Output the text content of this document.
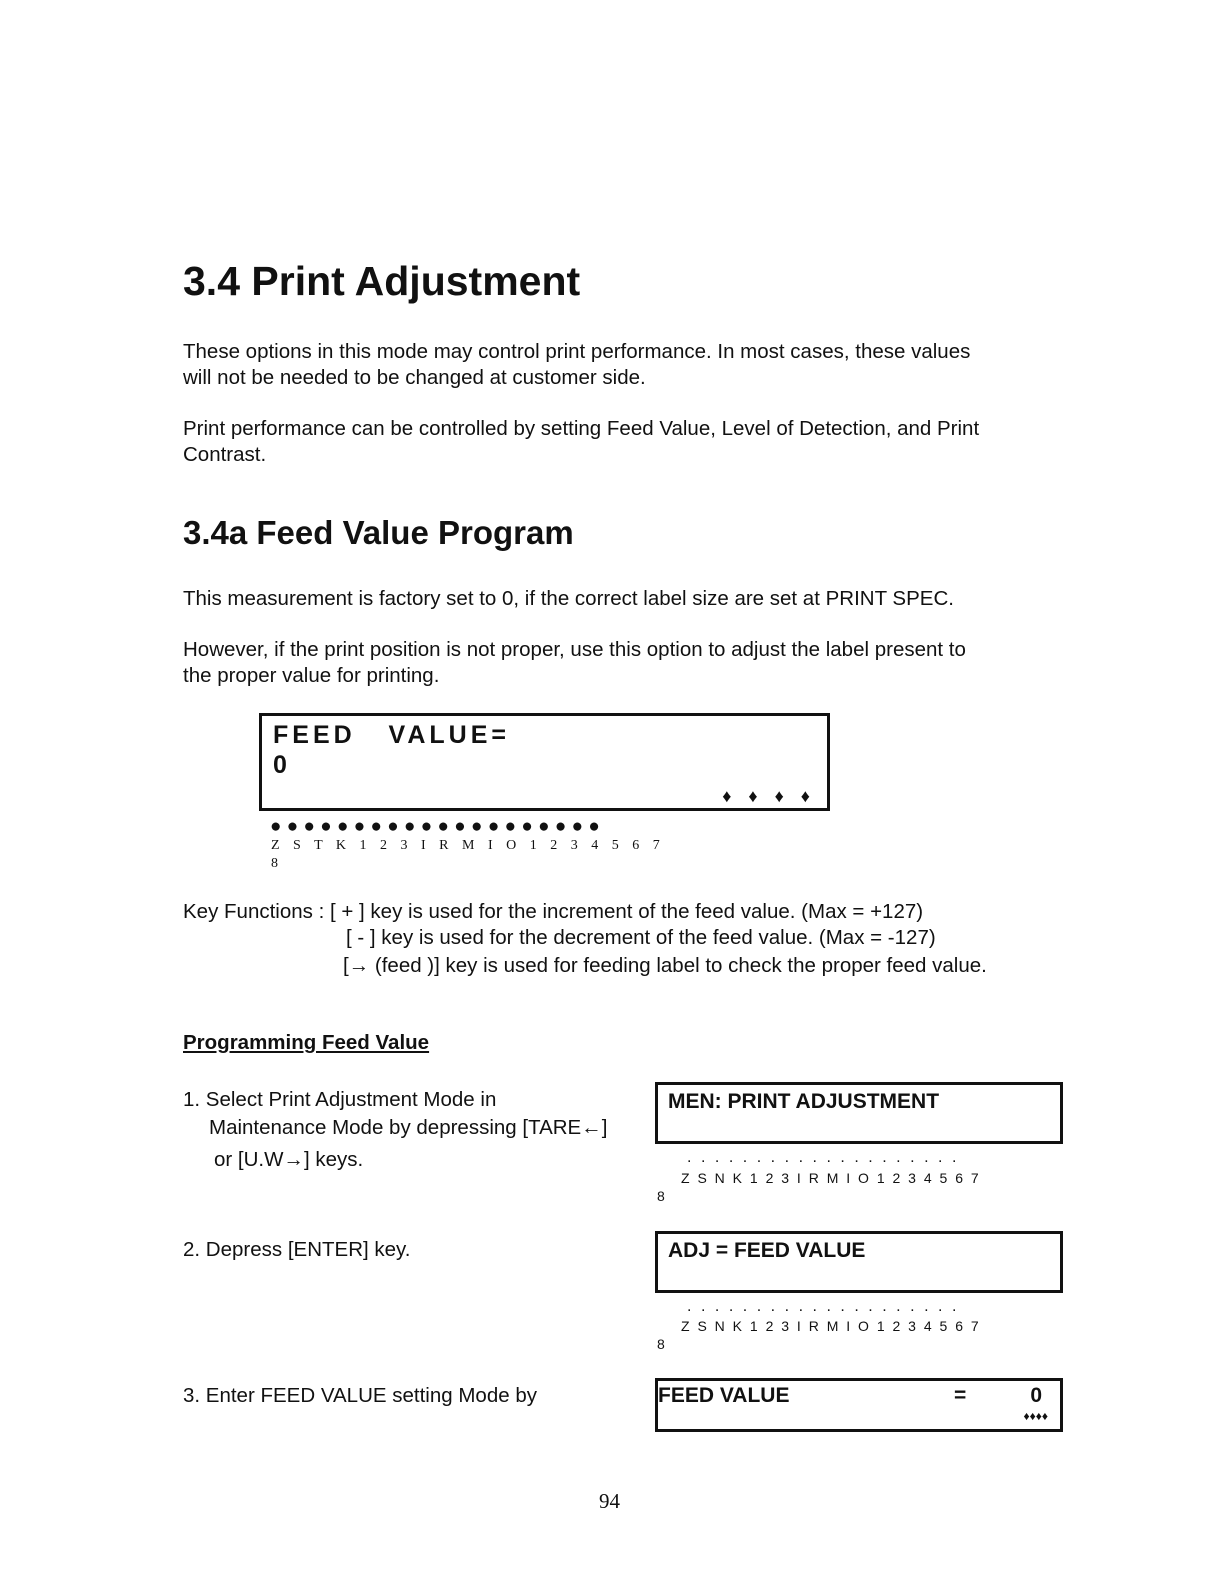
3.4 Print Adjustment
These options in this mode may control print performance. In most cases, these values
will not be needed to be changed at customer side.
Print performance can be controlled by setting Feed Value, Level of Detection, and Print
Contrast.
3.4a Feed Value Program
This measurement is factory set to 0, if the correct label size are set at PRINT SPEC.
However, if the print position is not proper, use this option to adjust the label present to
the proper value for printing.
FEED   VALUE=
0
♦ ♦ ♦ ♦
● ● ● ● ● ● ● ● ● ● ● ● ● ● ● ● ● ● ● ●
Z S T K 1 2 3 I R M I O 1 2 3 4 5 6 7
8
Key Functions : [ + ] key is used for the increment of the feed value. (Max = +127)
[ - ] key is used for the decrement of the feed value. (Max = -127)
[→ (feed )] key is used for feeding label to check the proper feed value.
Programming Feed Value
1. Select Print Adjustment Mode in
Maintenance Mode by depressing [TARE←]
or [U.W→] keys.
MEN: PRINT ADJUSTMENT
....................
Z S N K 1 2 3 I R M I O 1 2 3 4 5 6 7
8
2. Depress [ENTER] key.	ADJ = FEED VALUE
....................
Z S N K 1 2 3 I R M I O 1 2 3 4 5 6 7
8
3. Enter FEED VALUE setting Mode by	FEED VALUE	=	0
♦♦♦♦
94
